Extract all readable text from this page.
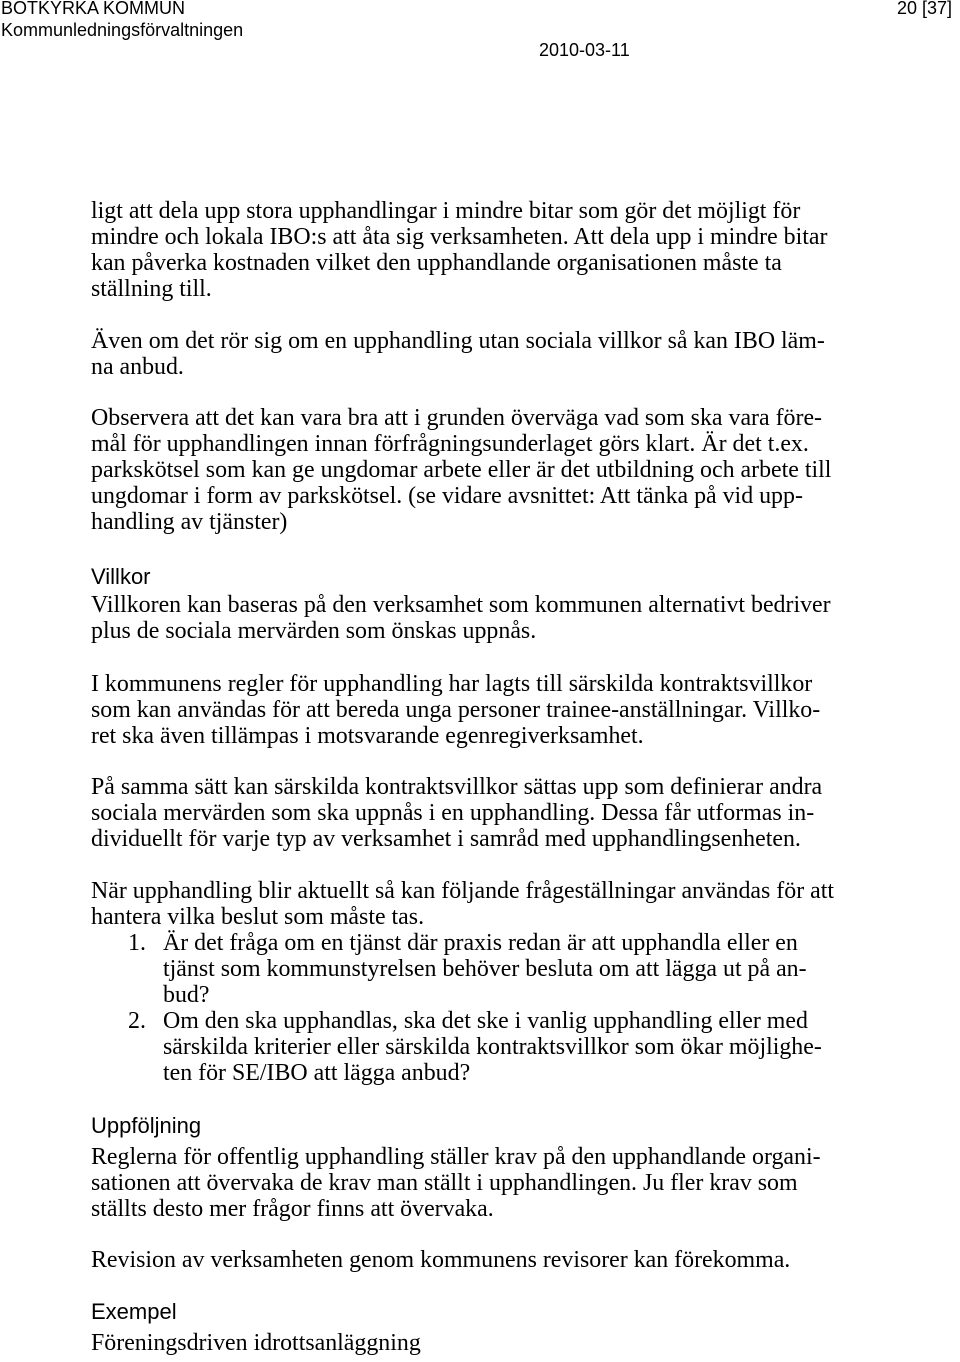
BOTKYRKA KOMMUN
Kommunledningsförvaltningen
2010-03-11
20 [37]
ligt att dela upp stora upphandlingar i mindre bitar som gör det möjligt för
mindre och lokala IBO:s att åta sig verksamheten. Att dela upp i mindre bitar
kan påverka kostnaden vilket den upphandlande organisationen måste ta
ställning till.
Även om det rör sig om en upphandling utan sociala villkor så kan IBO läm-
na anbud.
Observera att det kan vara bra att i grunden överväga vad som ska vara före-
mål för upphandlingen innan förfrågningsunderlaget görs klart. Är det t.ex.
parkskötsel som kan ge ungdomar arbete eller är det utbildning och arbete till
ungdomar i form av parkskötsel. (se vidare avsnittet: Att tänka på vid upp-
handling av tjänster)
Villkor
Villkoren kan baseras på den verksamhet som kommunen alternativt bedriver
plus de sociala mervärden som önskas uppnås.
I kommunens regler för upphandling har lagts till särskilda kontraktsvillkor
som kan användas för att bereda unga personer trainee-anställningar. Villko-
ret ska även tillämpas i motsvarande egenregiverksamhet.
På samma sätt kan särskilda kontraktsvillkor sättas upp som definierar andra
sociala mervärden som ska uppnås i en upphandling. Dessa får utformas in-
dividuellt för varje typ av verksamhet i samråd med upphandlingsenheten.
När upphandling blir aktuellt så kan följande frågeställningar användas för att
hantera vilka beslut som måste tas.
1. Är det fråga om en tjänst där praxis redan är att upphandla eller en
tjänst som kommunstyrelsen behöver besluta om att lägga ut på an-
bud?
2. Om den ska upphandlas, ska det ske i vanlig upphandling eller med
särskilda kriterier eller särskilda kontraktsvillkor som ökar möjlighe-
ten för SE/IBO att lägga anbud?
Uppföljning
Reglerna för offentlig upphandling ställer krav på den upphandlande organi-
sationen att övervaka de krav man ställt i upphandlingen. Ju fler krav som
ställts desto mer frågor finns att övervaka.
Revision av verksamheten genom kommunens revisorer kan förekomma.
Exempel
Föreningsdriven idrottsanläggning
